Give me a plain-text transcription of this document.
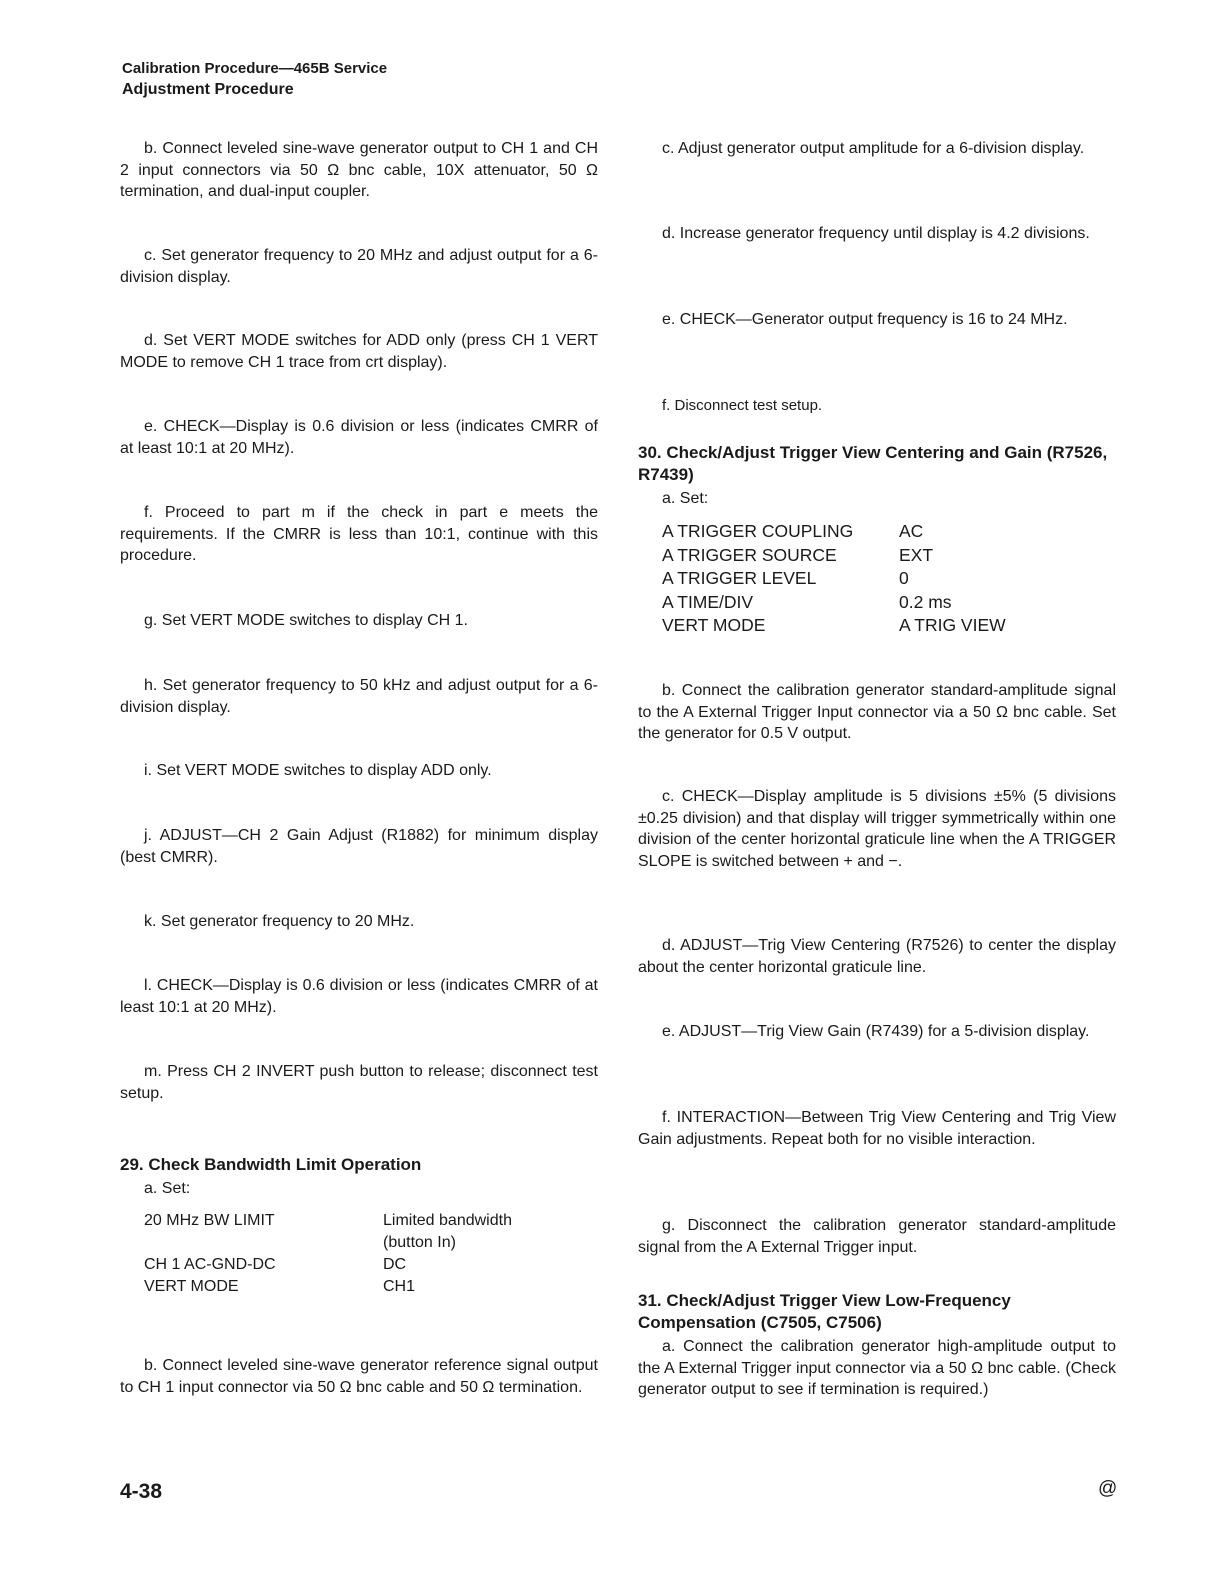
Calibration Procedure—465B Service
Adjustment Procedure

b. Connect leveled sine-wave generator output to CH 1 and CH 2 input connectors via 50 Ω bnc cable, 10X attenuator, 50 Ω termination, and dual-input coupler.

c. Set generator frequency to 20 MHz and adjust output for a 6-division display.

d. Set VERT MODE switches for ADD only (press CH 1 VERT MODE to remove CH 1 trace from crt display).

e. CHECK—Display is 0.6 division or less (indicates CMRR of at least 10:1 at 20 MHz).

f. Proceed to part m if the check in part e meets the requirements. If the CMRR is less than 10:1, continue with this procedure.

g. Set VERT MODE switches to display CH 1.

h. Set generator frequency to 50 kHz and adjust output for a 6-division display.

i. Set VERT MODE switches to display ADD only.

j. ADJUST—CH 2 Gain Adjust (R1882) for minimum display (best CMRR).

k. Set generator frequency to 20 MHz.

l. CHECK—Display is 0.6 division or less (indicates CMRR of at least 10:1 at 20 MHz).

m. Press CH 2 INVERT push button to release; disconnect test setup.

29. Check Bandwidth Limit Operation

a. Set:

20 MHz BW LIMIT	Limited bandwidth
(button In)

CH 1 AC-GND-DC	DC
VERT MODE	CH1

b. Connect leveled sine-wave generator reference signal output to CH 1 input connector via 50 Ω bnc cable and 50 Ω termination.

c. Adjust generator output amplitude for a 6-division display.

d. Increase generator frequency until display is 4.2 divisions.

e. CHECK—Generator output frequency is 16 to 24 MHz.

f. Disconnect test setup.

30. Check/Adjust Trigger View Centering and Gain (R7526, R7439)

a. Set:

A TRIGGER COUPLING	AC
A TRIGGER SOURCE	EXT
A TRIGGER LEVEL	0
A TIME/DIV	0.2 ms
VERT MODE	A TRIG VIEW

b. Connect the calibration generator standard-amplitude signal to the A External Trigger Input connector via a 50 Ω bnc cable. Set the generator for 0.5 V output.

c. CHECK—Display amplitude is 5 divisions ±5% (5 divisions ±0.25 division) and that display will trigger symmetrically within one division of the center horizontal graticule line when the A TRIGGER SLOPE is switched between + and −.

d. ADJUST—Trig View Centering (R7526) to center the display about the center horizontal graticule line.

e. ADJUST—Trig View Gain (R7439) for a 5-division display.

f. INTERACTION—Between Trig View Centering and Trig View Gain adjustments. Repeat both for no visible interaction.

g. Disconnect the calibration generator standard-amplitude signal from the A External Trigger input.

31. Check/Adjust Trigger View Low-Frequency Compensation (C7505, C7506)

a. Connect the calibration generator high-amplitude output to the A External Trigger input connector via a 50 Ω bnc cable. (Check generator output to see if termination is required.)

4-38	@
